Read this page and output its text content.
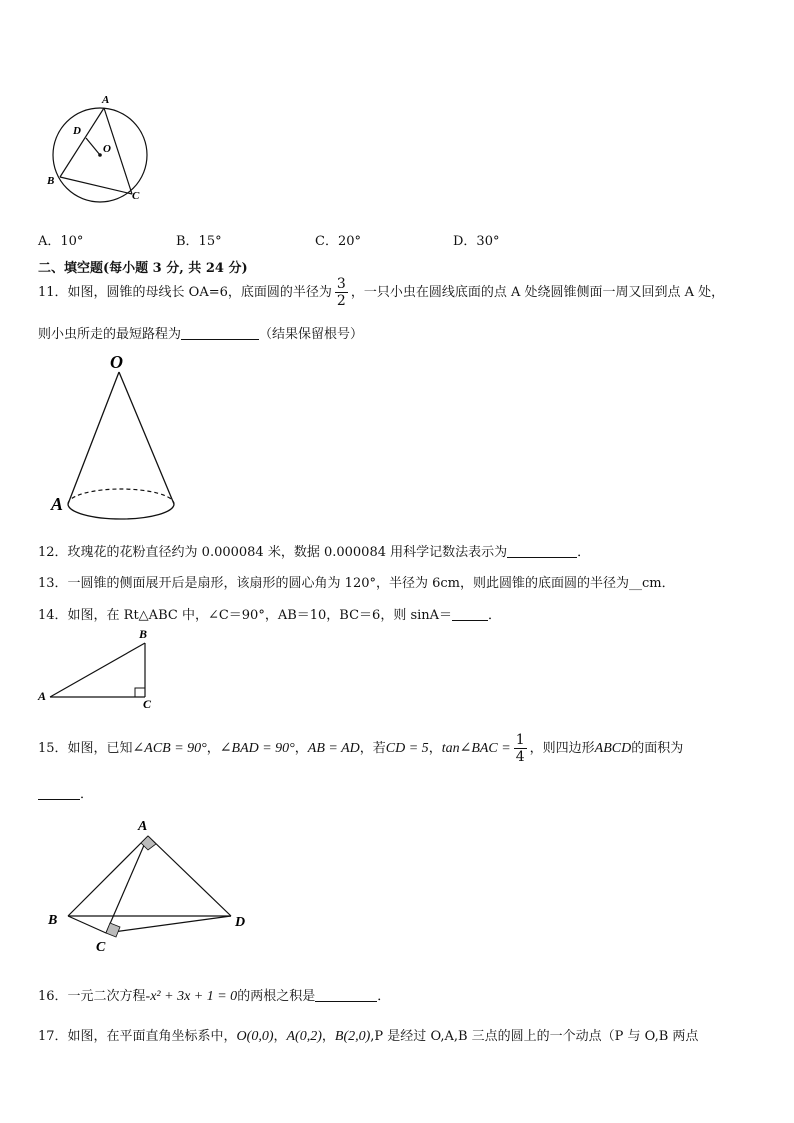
A
D
O
B
C
A．10°	B．15°	C．20°	D．30°
二、填空题(每小题 3 分, 共 24 分)
11．如图，圆锥的母线长 OA=6，底面圆的半径为 $\frac{3}{2}$ ，一只小虫在圆线底面的点 A 处绕圆锥侧面一周又回到点 A 处，
则小虫所走的最短路程为	（结果保留根号）
O
A
12．玫瑰花的花粉直径约为 0.000084 米，数据 0.000084 用科学记数法表示为	．
13．一圆锥的侧面展开后是扇形，该扇形的圆心角为 120°，半径为 6cm，则此圆锥的底面圆的半径为__cm．
14．如图，在 Rt△ABC 中，∠C＝90°，AB＝10，BC＝6，则 sinA＝	．
B
A
C
15．如图，已知∠ACB = 90°，∠BAD = 90°，AB = AD，若CD = 5，tan∠BAC = $\frac{1}{4}$ ，则四边形ABCD的面积为
．
A
B
C
D
16．一元二次方程-x² + 3x + 1 = 0的两根之积是	．
17．如图，在平面直角坐标系中，O(0,0)，A(0,2)，B(2,0),P 是经过 O,A,B 三点的圆上的一个动点（P 与 O,B 两点
